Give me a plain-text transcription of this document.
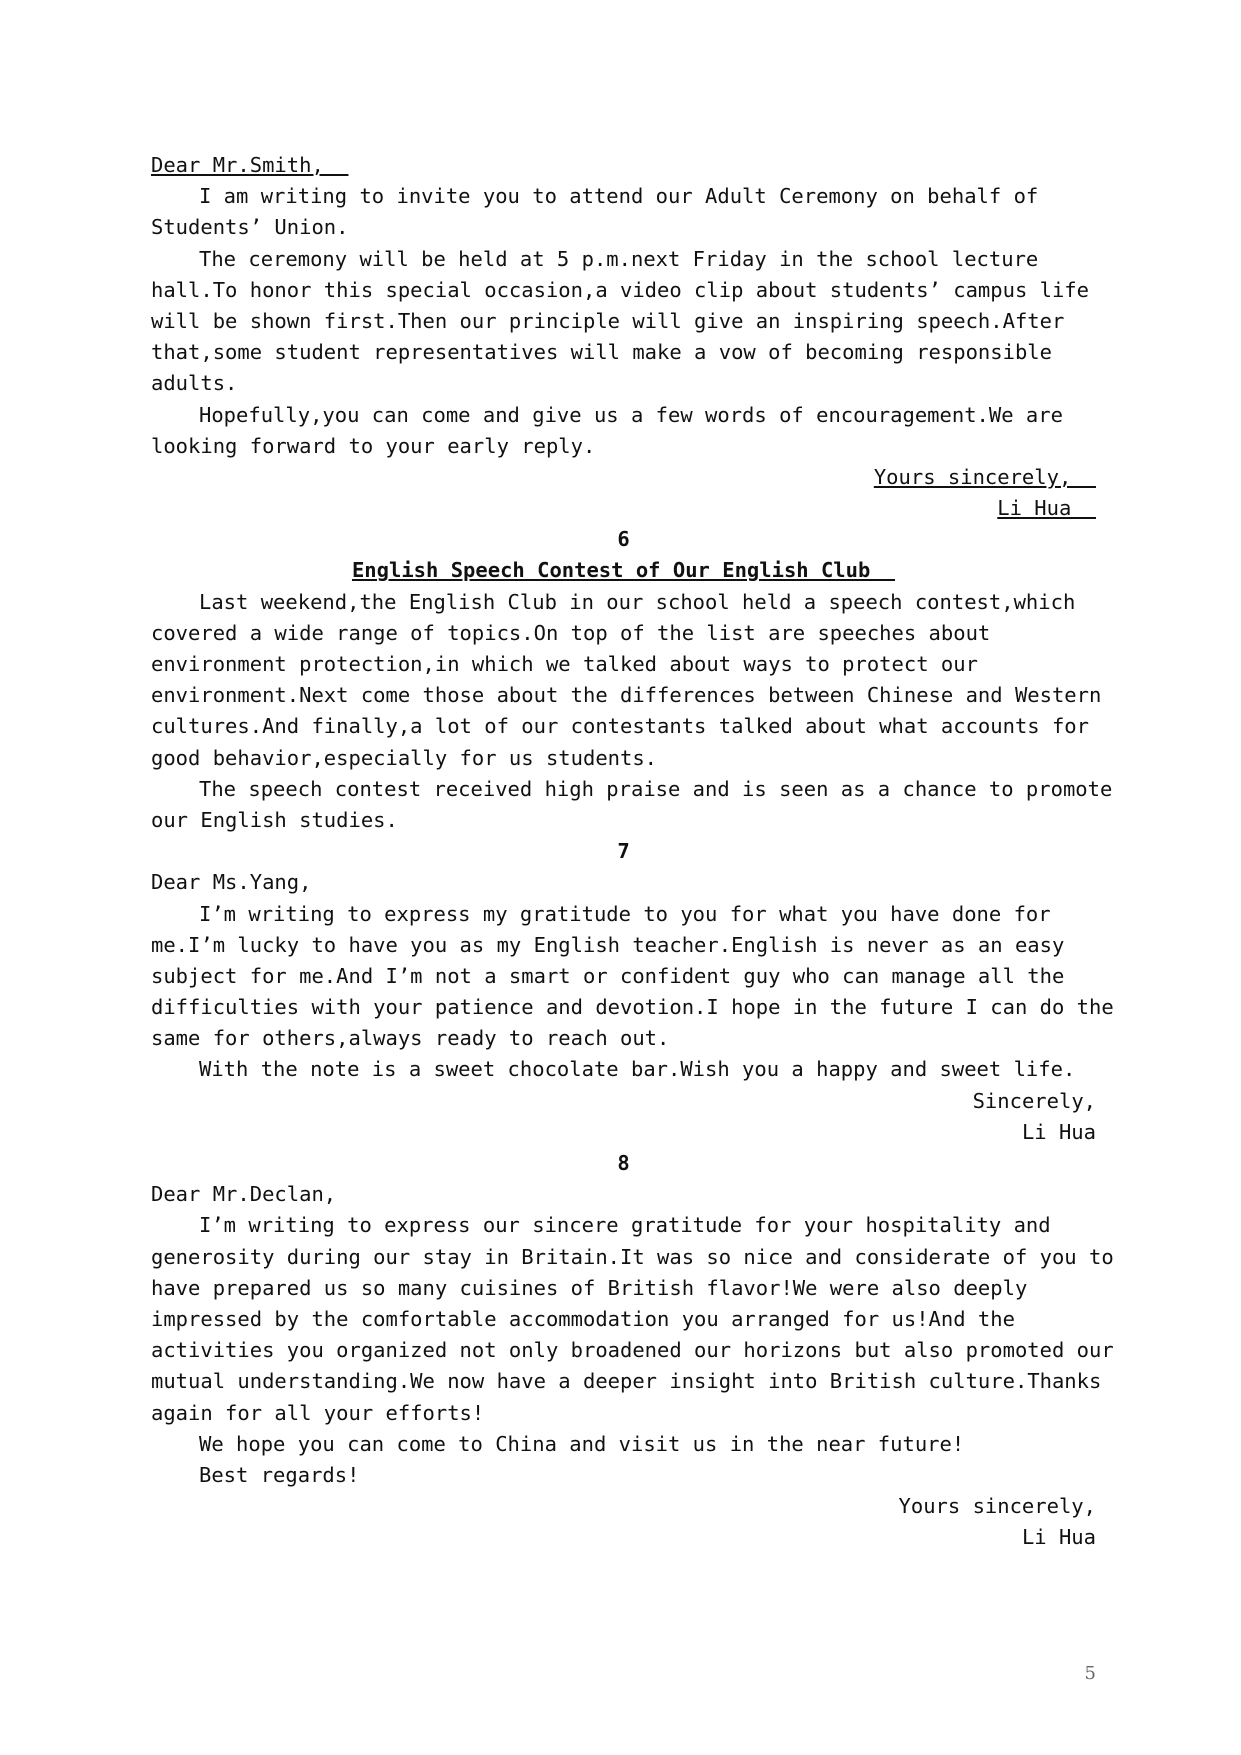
Dear Mr.Smith,
I am writing to invite you to attend our Adult Ceremony on behalf of
Students’ Union.
The ceremony will be held at 5 p.m.next Friday in the school lecture
hall.To honor this special occasion,a video clip about students’ campus life
will be shown first.Then our principle will give an inspiring speech.After
that,some student representatives will make a vow of becoming responsible
adults.
Hopefully,you can come and give us a few words of encouragement.We are
looking forward to your early reply.
Yours sincerely,
Li Hua
6
English Speech Contest of Our English Club
Last weekend,the English Club in our school held a speech contest,which
covered a wide range of topics.On top of the list are speeches about
environment protection,in which we talked about ways to protect our
environment.Next come those about the differences between Chinese and Western
cultures.And finally,a lot of our contestants talked about what accounts for
good behavior,especially for us students.
The speech contest received high praise and is seen as a chance to promote
our English studies.
7
Dear Ms.Yang,
I’m writing to express my gratitude to you for what you have done for
me.I’m lucky to have you as my English teacher.English is never as an easy
subject for me.And I’m not a smart or confident guy who can manage all the
difficulties with your patience and devotion.I hope in the future I can do the
same for others,always ready to reach out.
With the note is a sweet chocolate bar.Wish you a happy and sweet life.
Sincerely,
Li Hua
8
Dear Mr.Declan,
I’m writing to express our sincere gratitude for your hospitality and
generosity during our stay in Britain.It was so nice and considerate of you to
have prepared us so many cuisines of British flavor!We were also deeply
impressed by the comfortable accommodation you arranged for us!And the
activities you organized not only broadened our horizons but also promoted our
mutual understanding.We now have a deeper insight into British culture.Thanks
again for all your efforts!
We hope you can come to China and visit us in the near future!
Best regards!
Yours sincerely,
Li Hua
5
